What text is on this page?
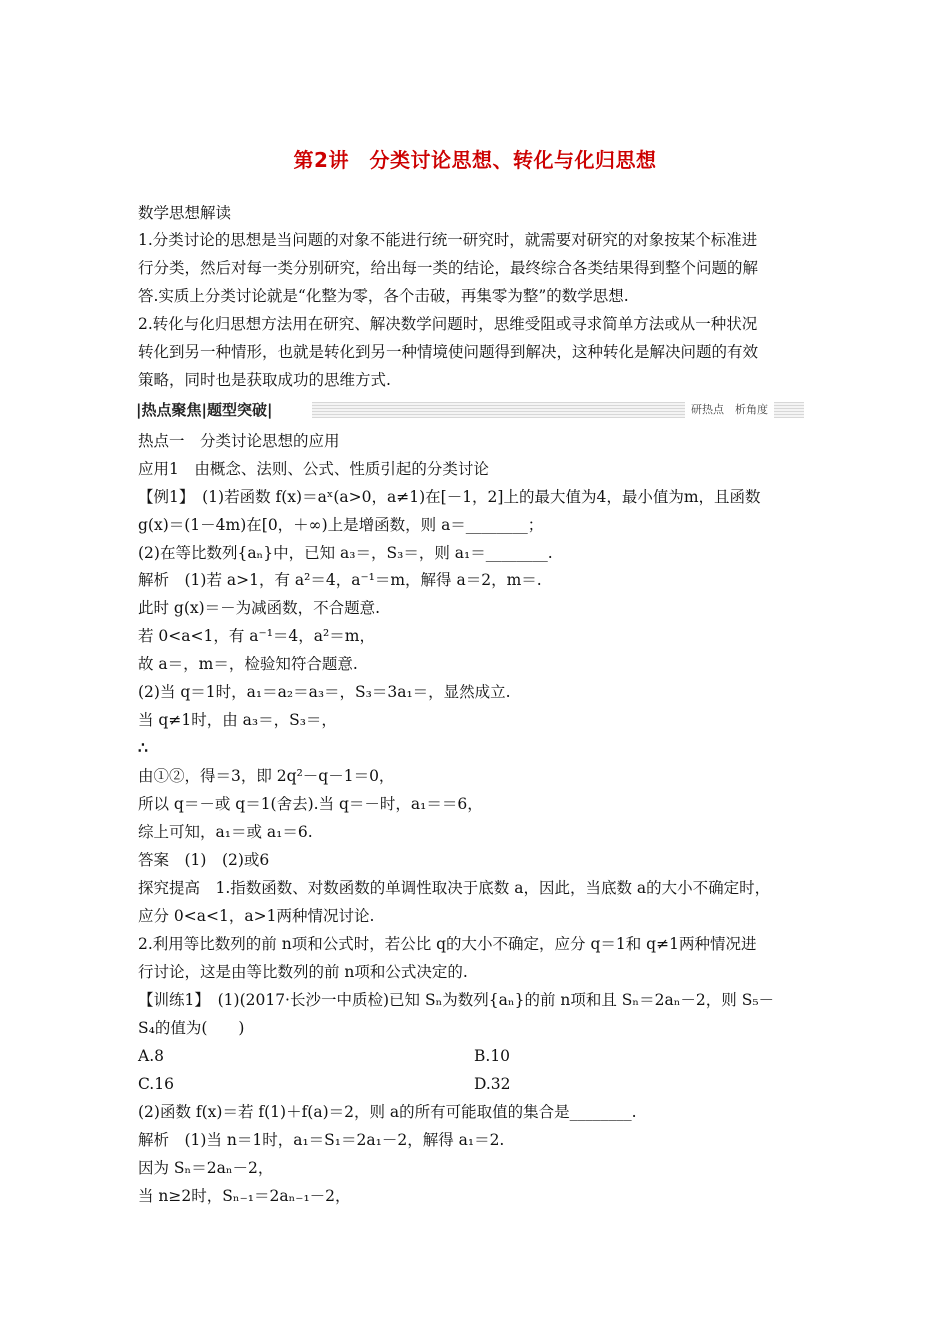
第2讲　分类讨论思想、转化与化归思想
数学思想解读
1.分类讨论的思想是当问题的对象不能进行统一研究时，就需要对研究的对象按某个标准进
行分类，然后对每一类分别研究，给出每一类的结论，最终综合各类结果得到整个问题的解
答.实质上分类讨论就是“化整为零，各个击破，再集零为整”的数学思想.
2.转化与化归思想方法用在研究、解决数学问题时，思维受阻或寻求简单方法或从一种状况
转化到另一种情形，也就是转化到另一种情境使问题得到解决，这种转化是解决问题的有效
策略，同时也是获取成功的思维方式.
|热点聚焦|题型突破|	研热点　析角度
热点一　分类讨论思想的应用
应用1　由概念、法则、公式、性质引起的分类讨论
【例1】　(1)若函数 f(x)＝aˣ(a>0，a≠1)在[－1，2]上的最大值为4，最小值为m，且函数
g(x)＝(1－4m)在[0，＋∞)上是增函数，则 a＝________；
(2)在等比数列{aₙ}中，已知 a₃＝，S₃＝，则 a₁＝________.
解析　(1)若 a>1，有 a²＝4，a⁻¹＝m，解得 a＝2，m＝.
此时 g(x)＝－为减函数，不合题意.
若 0<a<1，有 a⁻¹＝4，a²＝m，
故 a＝，m＝，检验知符合题意.
(2)当 q＝1时，a₁＝a₂＝a₃＝，S₃＝3a₁＝，显然成立.
当 q≠1时，由 a₃＝，S₃＝，
∴
由①②，得＝3，即 2q²－q－1＝0，
所以 q＝－或 q＝1(舍去).当 q＝－时，a₁＝＝6，
综上可知，a₁＝或 a₁＝6.
答案　(1)　(2)或6
探究提高　1.指数函数、对数函数的单调性取决于底数 a，因此，当底数 a的大小不确定时，
应分 0<a<1，a>1两种情况讨论.
2.利用等比数列的前 n项和公式时，若公比 q的大小不确定，应分 q＝1和 q≠1两种情况进
行讨论，这是由等比数列的前 n项和公式决定的.
【训练1】　(1)(2017·长沙一中质检)已知 Sₙ为数列{aₙ}的前 n项和且 Sₙ＝2aₙ－2，则 S₅－
S₄的值为(　　)
A.8	B.10
C.16	D.32
(2)函数 f(x)＝若 f(1)＋f(a)＝2，则 a的所有可能取值的集合是________.
解析　(1)当 n＝1时，a₁＝S₁＝2a₁－2，解得 a₁＝2.
因为 Sₙ＝2aₙ－2，
当 n≥2时，Sₙ₋₁＝2aₙ₋₁－2，
